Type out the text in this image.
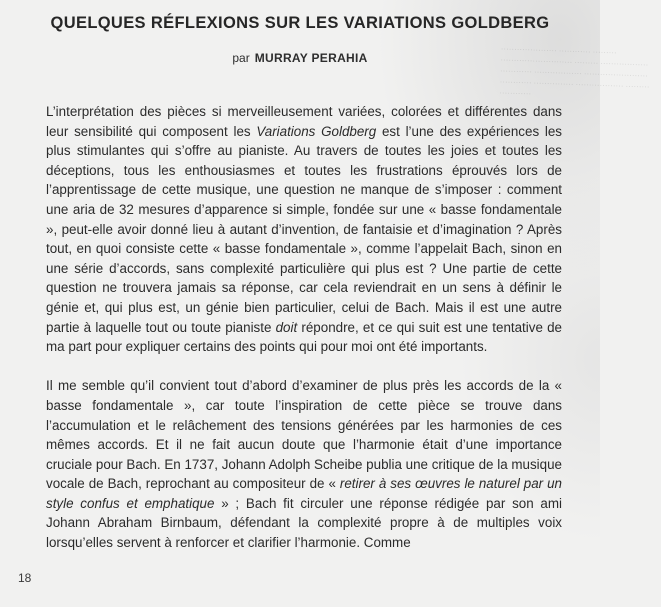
………………… ………… ……… ……………………… ……… ……………… ………… ……………… …………………… ………… …………… ……………… ……… …………
QUELQUES RÉFLEXIONS SUR LES VARIATIONS GOLDBERG

par MURRAY PERAHIA

L’interprétation des pièces si merveilleusement variées, colorées et différentes dans leur sensibilité qui composent les Variations Goldberg est l’une des expériences les plus stimulantes qui s’offre au pianiste. Au travers de toutes les joies et toutes les déceptions, tous les enthousiasmes et toutes les frustrations éprouvés lors de l’apprentissage de cette musique, une question ne manque de s’imposer : comment une aria de 32 mesures d’apparence si simple, fondée sur une « basse fondamentale », peut-elle avoir donné lieu à autant d’invention, de fantaisie et d’imagination ? Après tout, en quoi consiste cette « basse fondamentale », comme l’appelait Bach, sinon en une série d’accords, sans complexité particulière qui plus est ? Une partie de cette question ne trouvera jamais sa réponse, car cela reviendrait en un sens à définir le génie et, qui plus est, un génie bien particulier, celui de Bach. Mais il est une autre partie à laquelle tout ou toute pianiste doit répondre, et ce qui suit est une tentative de ma part pour expliquer certains des points qui pour moi ont été importants.

Il me semble qu’il convient tout d’abord d’examiner de plus près les accords de la « basse fondamentale », car toute l’inspiration de cette pièce se trouve dans l’accumulation et le relâchement des tensions générées par les harmonies de ces mêmes accords. Et il ne fait aucun doute que l’harmonie était d’une importance cruciale pour Bach. En 1737, Johann Adolph Scheibe publia une critique de la musique vocale de Bach, reprochant au compositeur de « retirer à ses œuvres le naturel par un style confus et emphatique » ; Bach fit circuler une réponse rédigée par son ami Johann Abraham Birnbaum, défendant la complexité propre à de multiples voix lorsqu’elles servent à renforcer et clarifier l’harmonie. Comme

18
